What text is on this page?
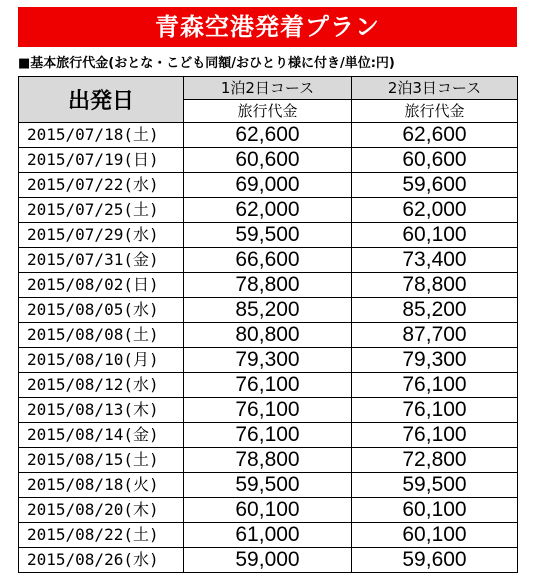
青森空港発着プラン
■基本旅行代金(おとな・こども同額/おひとり様に付き/単位:円)
出発日	1泊2日コース	2泊3日コース
	旅行代金	旅行代金
2015/07/18(土)	62,600	62,600
2015/07/19(日)	60,600	60,600
2015/07/22(水)	69,000	59,600
2015/07/25(土)	62,000	62,000
2015/07/29(水)	59,500	60,100
2015/07/31(金)	66,600	73,400
2015/08/02(日)	78,800	78,800
2015/08/05(水)	85,200	85,200
2015/08/08(土)	80,800	87,700
2015/08/10(月)	79,300	79,300
2015/08/12(水)	76,100	76,100
2015/08/13(木)	76,100	76,100
2015/08/14(金)	76,100	76,100
2015/08/15(土)	78,800	72,800
2015/08/18(火)	59,500	59,500
2015/08/20(木)	60,100	60,100
2015/08/22(土)	61,000	60,100
2015/08/26(水)	59,000	59,600
